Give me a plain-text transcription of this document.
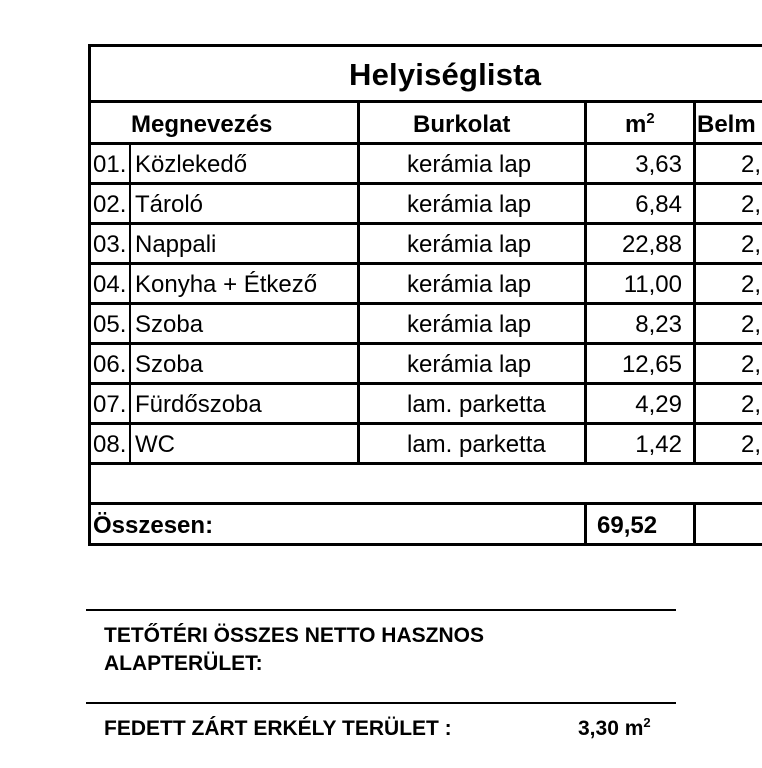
Helyiséglista
Megnevezés	Burkolat	$m^2$ Belm
01. Közlekedő	kerámia lap	3,63 2,
02. Tároló	kerámia lap	6,84 2,
03. Nappali	kerámia lap	22,88 2,
04. Konyha + Étkező	kerámia lap	11,00 2,
05. Szoba	kerámia lap	8,23 2,
06. Szoba	kerámia lap	12,65 2,
07. Fürdőszoba	lam. parketta	4,29 2,
08. WC	lam. parketta	1,42 2,
Összesen:	69,52
TETŐTÉRI ÖSSZES NETTO HASZNOS
ALAPTERÜLET:
FEDETT ZÁRT ERKÉLY TERÜLET :	3,30 $m^2$
